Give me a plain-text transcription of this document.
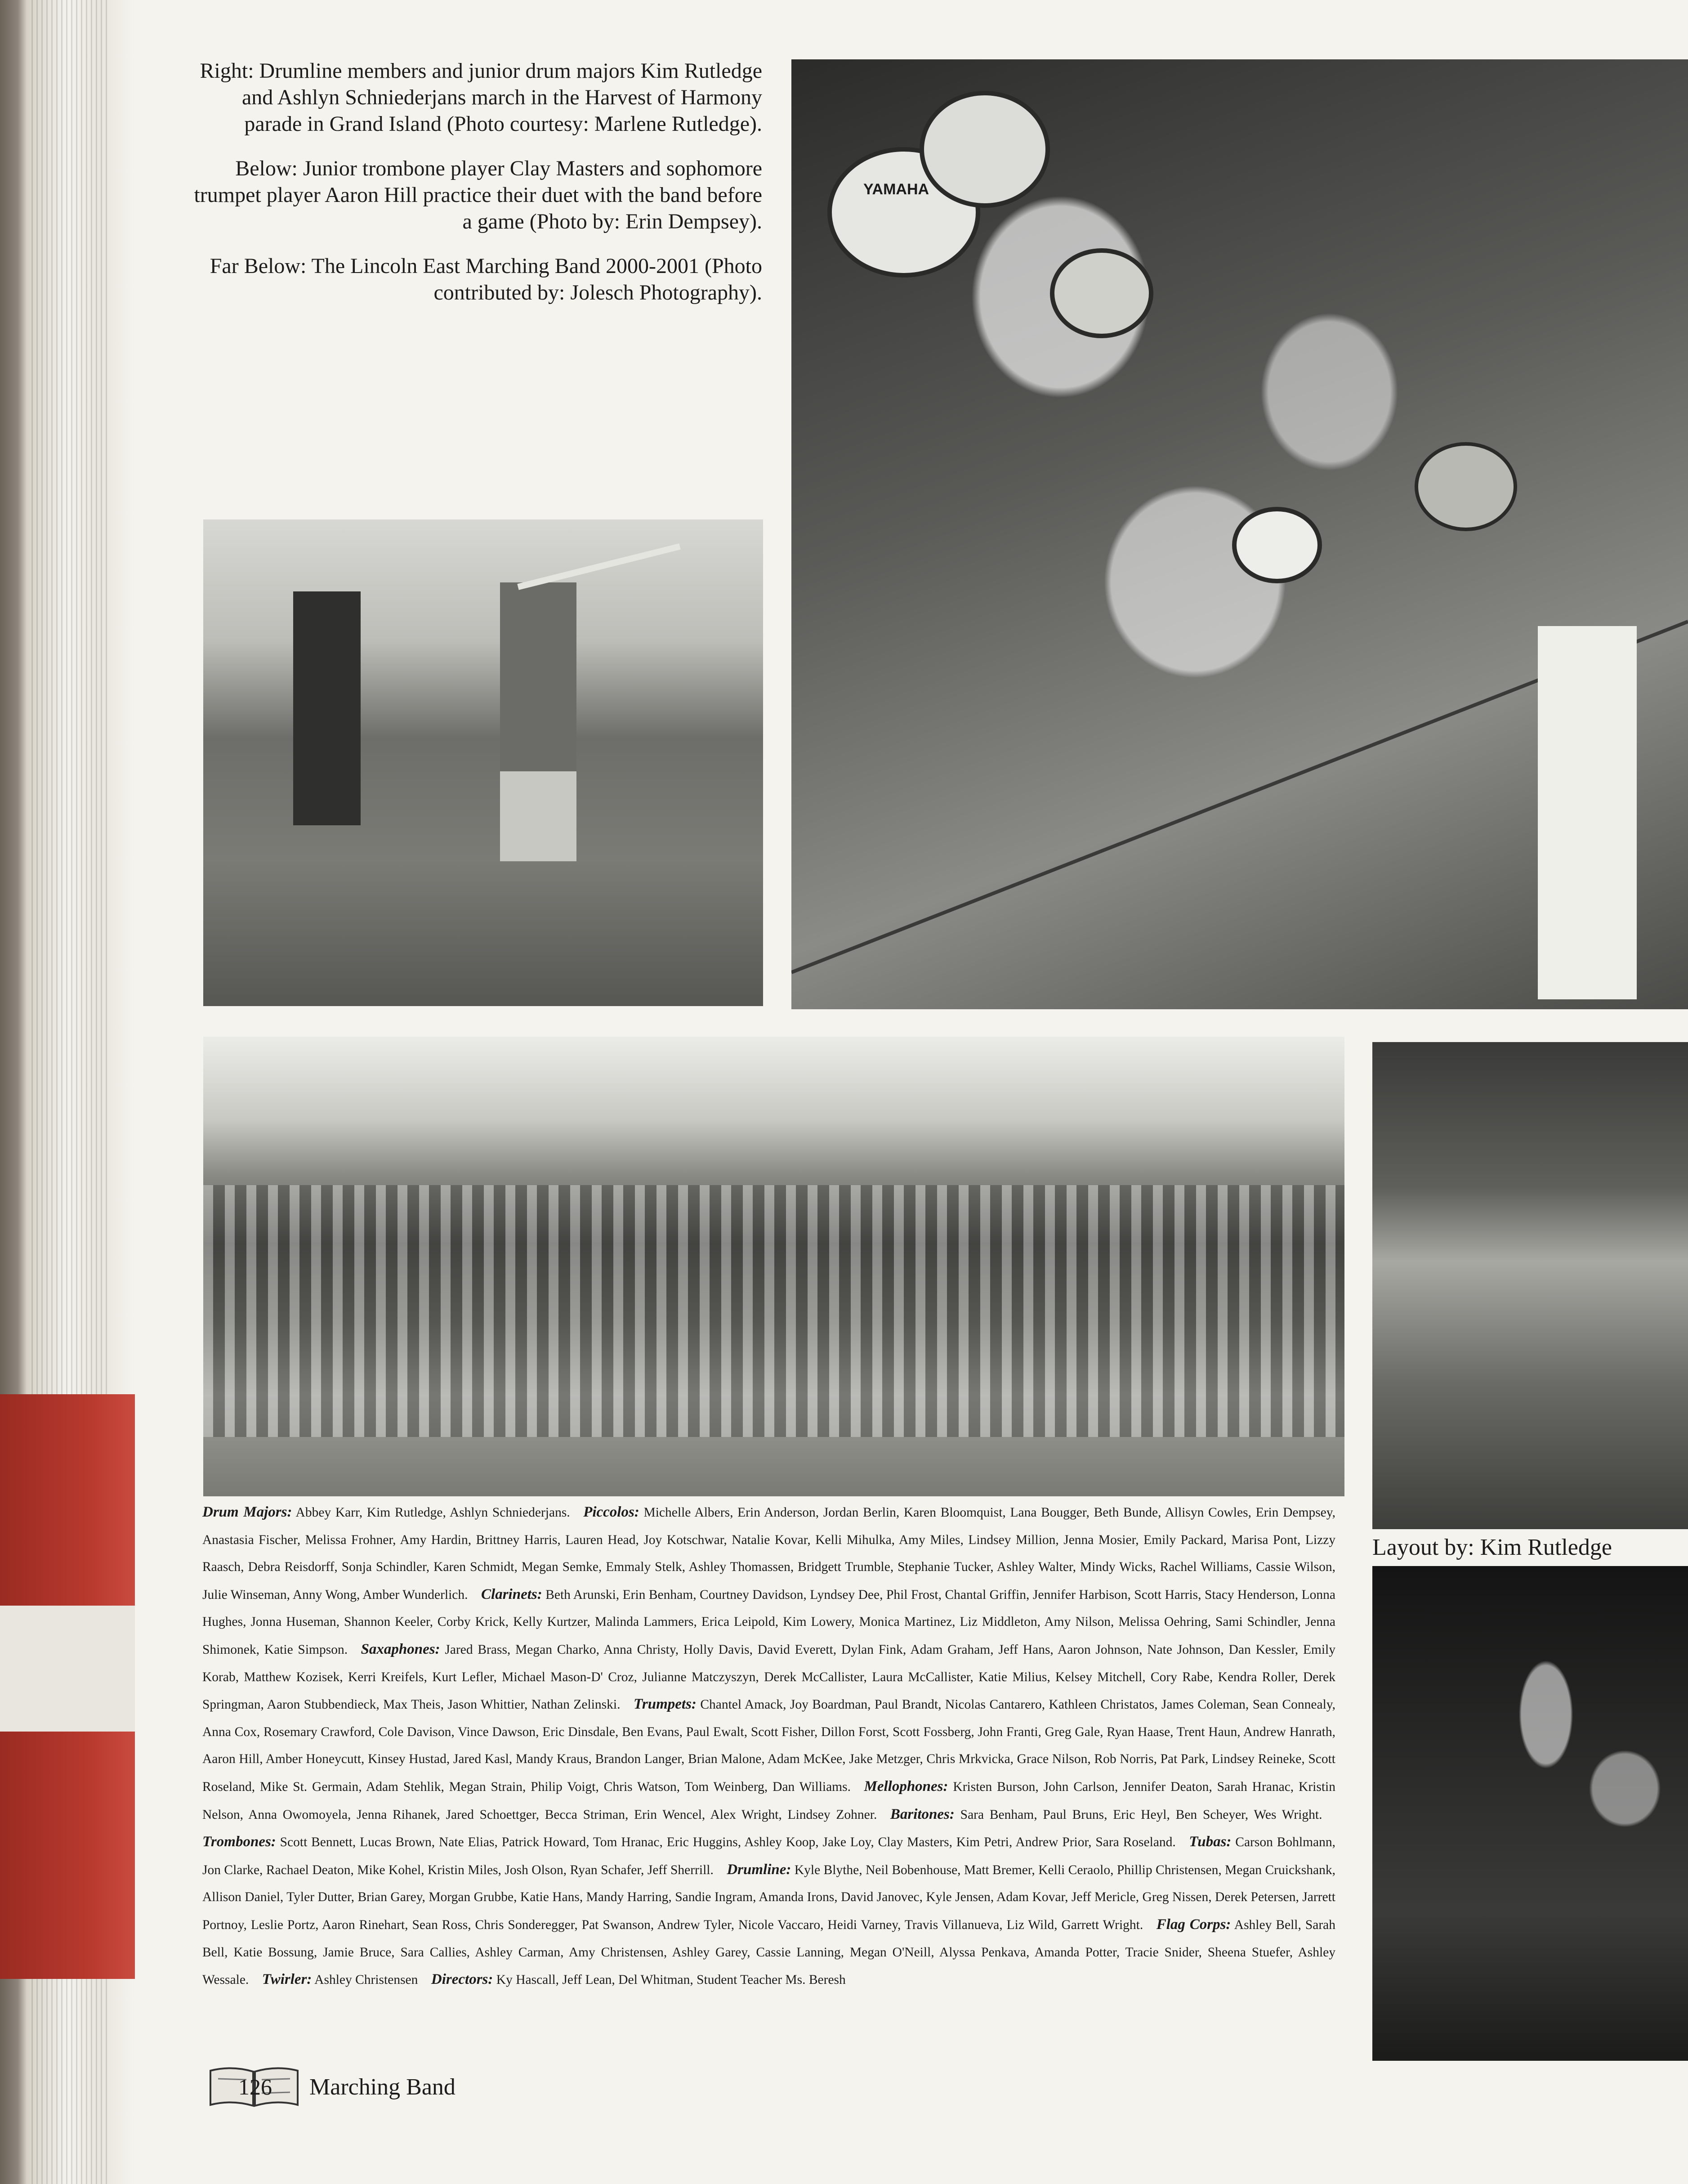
Right: Drumline members and junior drum majors Kim Rutledge and Ashlyn Schniederjans march in the Harvest of Harmony parade in Grand Island (Photo courtesy: Marlene Rutledge).

Below: Junior trombone player Clay Masters and sophomore trumpet player Aaron Hill practice their duet with the band before a game (Photo by: Erin Dempsey).

Far Below: The Lincoln East Marching Band 2000-2001 (Photo contributed by: Jolesch Photography).

YAMAHA
Layout by: Kim Rutledge
Drum Majors: Abbey Karr, Kim Rutledge, Ashlyn Schniederjans. Piccolos: Michelle Albers, Erin Anderson, Jordan Berlin, Karen Bloomquist, Lana Bougger, Beth Bunde, Allisyn Cowles, Erin Dempsey, Anastasia Fischer, Melissa Frohner, Amy Hardin, Brittney Harris, Lauren Head, Joy Kotschwar, Natalie Kovar, Kelli Mihulka, Amy Miles, Lindsey Million, Jenna Mosier, Emily Packard, Marisa Pont, Lizzy Raasch, Debra Reisdorff, Sonja Schindler, Karen Schmidt, Megan Semke, Emmaly Stelk, Ashley Thomassen, Bridgett Trumble, Stephanie Tucker, Ashley Walter, Mindy Wicks, Rachel Williams, Cassie Wilson, Julie Winseman, Anny Wong, Amber Wunderlich. Clarinets: Beth Arunski, Erin Benham, Courtney Davidson, Lyndsey Dee, Phil Frost, Chantal Griffin, Jennifer Harbison, Scott Harris, Stacy Henderson, Lonna Hughes, Jonna Huseman, Shannon Keeler, Corby Krick, Kelly Kurtzer, Malinda Lammers, Erica Leipold, Kim Lowery, Monica Martinez, Liz Middleton, Amy Nilson, Melissa Oehring, Sami Schindler, Jenna Shimonek, Katie Simpson. Saxaphones: Jared Brass, Megan Charko, Anna Christy, Holly Davis, David Everett, Dylan Fink, Adam Graham, Jeff Hans, Aaron Johnson, Nate Johnson, Dan Kessler, Emily Korab, Matthew Kozisek, Kerri Kreifels, Kurt Lefler, Michael Mason-D' Croz, Julianne Matczyszyn, Derek McCallister, Laura McCallister, Katie Milius, Kelsey Mitchell, Cory Rabe, Kendra Roller, Derek Springman, Aaron Stubbendieck, Max Theis, Jason Whittier, Nathan Zelinski. Trumpets: Chantel Amack, Joy Boardman, Paul Brandt, Nicolas Cantarero, Kathleen Christatos, James Coleman, Sean Connealy, Anna Cox, Rosemary Crawford, Cole Davison, Vince Dawson, Eric Dinsdale, Ben Evans, Paul Ewalt, Scott Fisher, Dillon Forst, Scott Fossberg, John Franti, Greg Gale, Ryan Haase, Trent Haun, Andrew Hanrath, Aaron Hill, Amber Honeycutt, Kinsey Hustad, Jared Kasl, Mandy Kraus, Brandon Langer, Brian Malone, Adam McKee, Jake Metzger, Chris Mrkvicka, Grace Nilson, Rob Norris, Pat Park, Lindsey Reineke, Scott Roseland, Mike St. Germain, Adam Stehlik, Megan Strain, Philip Voigt, Chris Watson, Tom Weinberg, Dan Williams. Mellophones: Kristen Burson, John Carlson, Jennifer Deaton, Sarah Hranac, Kristin Nelson, Anna Owomoyela, Jenna Rihanek, Jared Schoettger, Becca Striman, Erin Wencel, Alex Wright, Lindsey Zohner. Baritones: Sara Benham, Paul Bruns, Eric Heyl, Ben Scheyer, Wes Wright. Trombones: Scott Bennett, Lucas Brown, Nate Elias, Patrick Howard, Tom Hranac, Eric Huggins, Ashley Koop, Jake Loy, Clay Masters, Kim Petri, Andrew Prior, Sara Roseland. Tubas: Carson Bohlmann, Jon Clarke, Rachael Deaton, Mike Kohel, Kristin Miles, Josh Olson, Ryan Schafer, Jeff Sherrill. Drumline: Kyle Blythe, Neil Bobenhouse, Matt Bremer, Kelli Ceraolo, Phillip Christensen, Megan Cruickshank, Allison Daniel, Tyler Dutter, Brian Garey, Morgan Grubbe, Katie Hans, Mandy Harring, Sandie Ingram, Amanda Irons, David Janovec, Kyle Jensen, Adam Kovar, Jeff Mericle, Greg Nissen, Derek Petersen, Jarrett Portnoy, Leslie Portz, Aaron Rinehart, Sean Ross, Chris Sonderegger, Pat Swanson, Andrew Tyler, Nicole Vaccaro, Heidi Varney, Travis Villanueva, Liz Wild, Garrett Wright. Flag Corps: Ashley Bell, Sarah Bell, Katie Bossung, Jamie Bruce, Sara Callies, Ashley Carman, Amy Christensen, Ashley Garey, Cassie Lanning, Megan O'Neill, Alyssa Penkava, Amanda Potter, Tracie Snider, Sheena Stuefer, Ashley Wessale. Twirler: Ashley Christensen Directors: Ky Hascall, Jeff Lean, Del Whitman, Student Teacher Ms. Beresh 
126 Marching Band
